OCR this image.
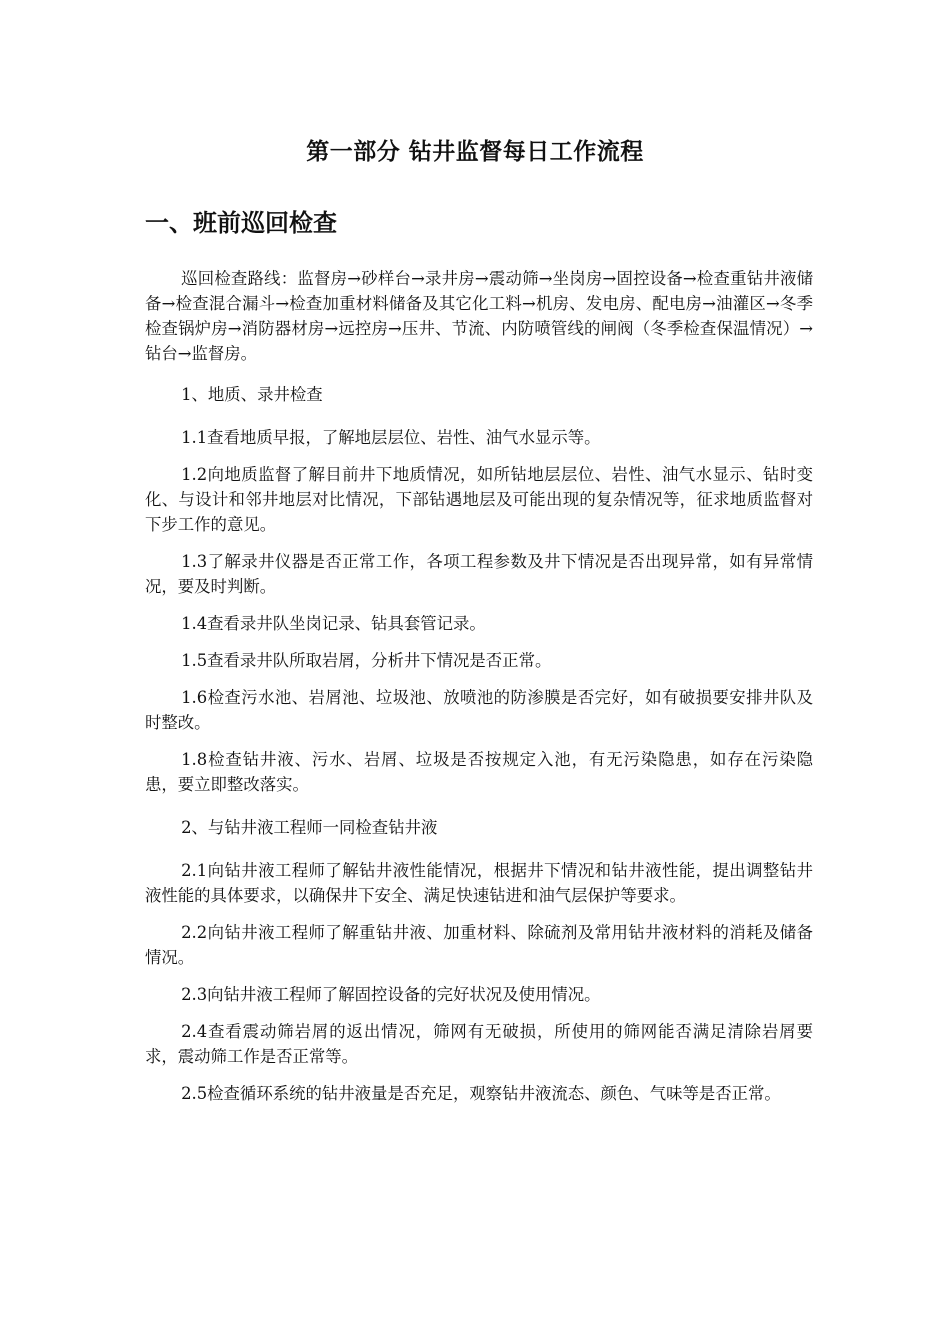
第一部分 钻井监督每日工作流程
一、班前巡回检查

巡回检查路线：监督房→砂样台→录井房→震动筛→坐岗房→固控设备→检查重钻井液储备→检查混合漏斗→检查加重材料储备及其它化工料→机房、发电房、配电房→油灌区→冬季检查锅炉房→消防器材房→远控房→压井、节流、内防喷管线的闸阀（冬季检查保温情况）→钻台→监督房。

1、地质、录井检查

1.1查看地质早报，了解地层层位、岩性、油气水显示等。

1.2向地质监督了解目前井下地质情况，如所钻地层层位、岩性、油气水显示、钻时变化、与设计和邻井地层对比情况，下部钻遇地层及可能出现的复杂情况等，征求地质监督对下步工作的意见。

1.3了解录井仪器是否正常工作，各项工程参数及井下情况是否出现异常，如有异常情况，要及时判断。

1.4查看录井队坐岗记录、钻具套管记录。

1.5查看录井队所取岩屑，分析井下情况是否正常。

1.6检查污水池、岩屑池、垃圾池、放喷池的防渗膜是否完好，如有破损要安排井队及时整改。

1.8检查钻井液、污水、岩屑、垃圾是否按规定入池，有无污染隐患，如存在污染隐患，要立即整改落实。

2、与钻井液工程师一同检查钻井液

2.1向钻井液工程师了解钻井液性能情况，根据井下情况和钻井液性能，提出调整钻井液性能的具体要求，以确保井下安全、满足快速钻进和油气层保护等要求。

2.2向钻井液工程师了解重钻井液、加重材料、除硫剂及常用钻井液材料的消耗及储备情况。

2.3向钻井液工程师了解固控设备的完好状况及使用情况。

2.4查看震动筛岩屑的返出情况，筛网有无破损，所使用的筛网能否满足清除岩屑要求，震动筛工作是否正常等。

2.5检查循环系统的钻井液量是否充足，观察钻井液流态、颜色、气味等是否正常。
